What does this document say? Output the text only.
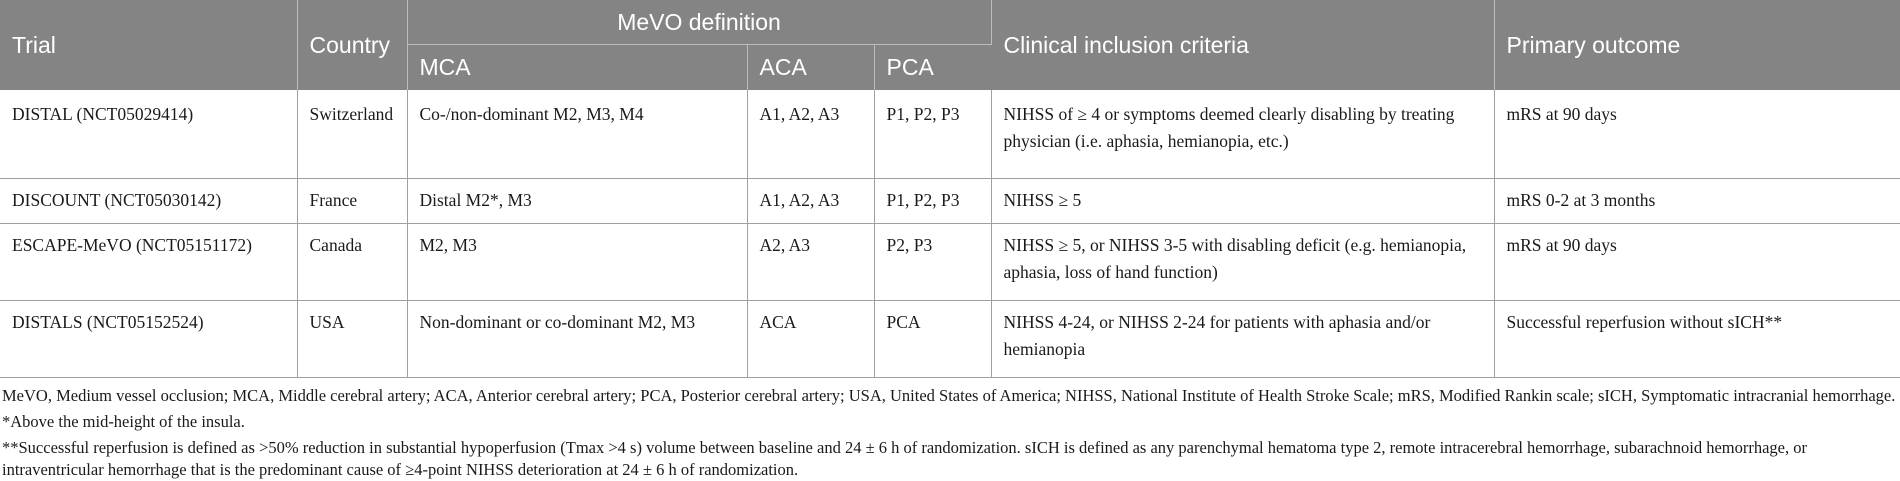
Trial	Country	MeVO definition			Clinical inclusion criteria	Primary outcome
		MCA	ACA	PCA		
DISTAL (NCT05029414)	Switzerland	Co-/non-dominant M2, M3, M4	A1, A2, A3	P1, P2, P3	NIHSS of ≥ 4 or symptoms deemed clearly disabling by treating physician (i.e. aphasia, hemianopia, etc.)	mRS at 90 days
DISCOUNT (NCT05030142)	France	Distal M2*, M3	A1, A2, A3	P1, P2, P3	NIHSS ≥ 5	mRS 0-2 at 3 months
ESCAPE-MeVO (NCT05151172)	Canada	M2, M3	A2, A3	P2, P3	NIHSS ≥ 5, or NIHSS 3-5 with disabling deficit (e.g. hemianopia, aphasia, loss of hand function)	mRS at 90 days
DISTALS (NCT05152524)	USA	Non-dominant or co-dominant M2, M3	ACA	PCA	NIHSS 4-24, or NIHSS 2-24 for patients with aphasia and/or hemianopia	Successful reperfusion without sICH**

MeVO, Medium vessel occlusion; MCA, Middle cerebral artery; ACA, Anterior cerebral artery; PCA, Posterior cerebral artery; USA, United States of America; NIHSS, National Institute of Health Stroke Scale; mRS, Modified Rankin scale; sICH, Symptomatic intracranial hemorrhage.

*Above the mid-height of the insula.

**Successful reperfusion is defined as >50% reduction in substantial hypoperfusion (Tmax >4 s) volume between baseline and 24 ± 6 h of randomization. sICH is defined as any parenchymal hematoma type 2, remote intracerebral hemorrhage, subarachnoid hemorrhage, or intraventricular hemorrhage that is the predominant cause of ≥4-point NIHSS deterioration at 24 ± 6 h of randomization.
